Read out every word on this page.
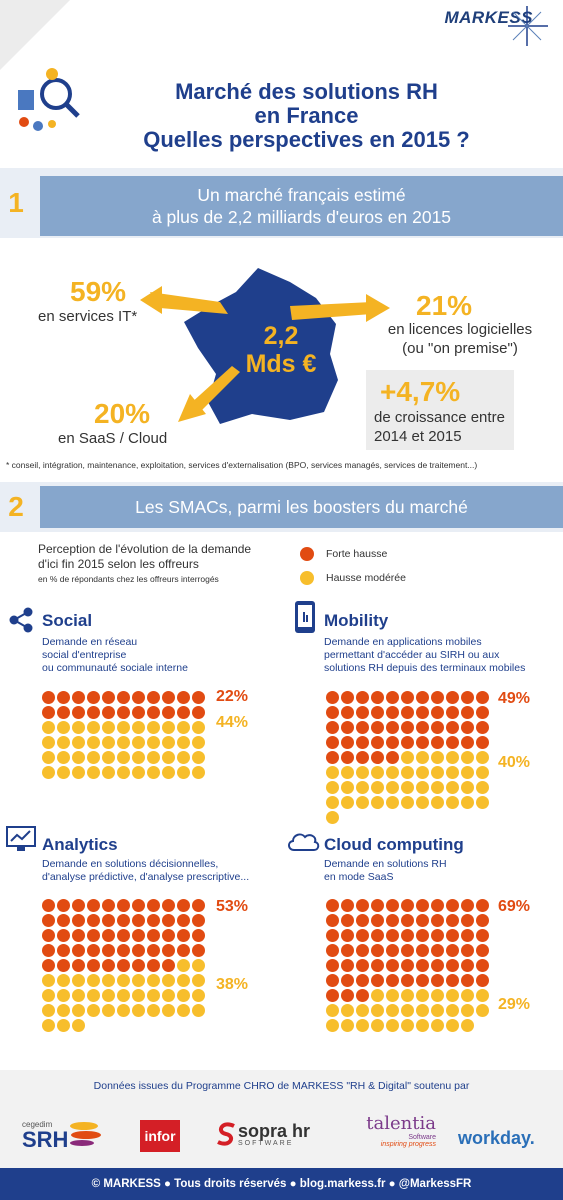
MARKESS
Marché des solutions RH
en France
Quelles perspectives en 2015 ?
1	Un marché français estimé
à plus de 2,2 milliards d'euros en 2015
2,2
Mds €
59%
en services IT*	21%
en licences logicielles
(ou "on premise")
20%
en SaaS / Cloud
+4,7%
de croissance entre
2014 et 2015
* conseil, intégration, maintenance, exploitation, services d'externalisation (BPO, services managés, services de traitement...)
2	Les SMACs, parmi les boosters du marché
Perception de l'évolution de la demande
d'ici fin 2015 selon les offreurs
en % de répondants chez les offreurs interrogés
Forte hausse
Hausse modérée
Social
Demande en réseau
social d'entreprise
ou communauté sociale interne
22%
44%
Mobility
Demande en applications mobiles
permettant d'accéder au SIRH ou aux
solutions RH depuis des terminaux mobiles
49%
40%
Analytics
Demande en solutions décisionnelles,
d'analyse prédictive, d'analyse prescriptive...
53%
38%
Cloud computing
Demande en solutions RH
en mode SaaS
69%
29%
Données issues du Programme CHRO de MARKESS "RH & Digital" soutenu par
cegedim
SRH	infor	sopra hr
SOFTWARE
talentia
Software
inspiring progress workday.
© MARKESS ● Tous droits réservés ● blog.markess.fr ● @MarkessFR
